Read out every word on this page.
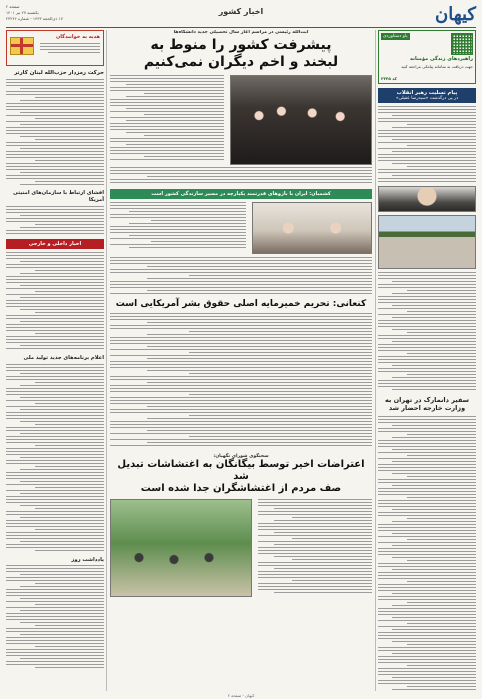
کیهان
اخبار کشور
صفحه ۲
یکشنبه ۲۷ تیر ۱۴۰۱
۱۷ ذی‌الحجه ۱۴۴۳ - شماره ۲۳۲۴۶
یاو دستاوردی
راهبردهای زندگی مؤمنانه
جهت دریافت به سامانه پیامکی مراجعه کنید
کد ۲۳۴۵
پیام تسلیت رهبر انقلاب
در پی درگذشت «سیدرضا عقیلی»
سفیر دانمارک در تهران به وزارت خارجه احضار شد
آیت‌الله رئیسی در مراسم آغاز سال تحصیلی جدید دانشگاه‌ها
پیشرفت کشور را منوط به
لبخند و اخم دیگران نمی‌کنیم
کشمیان: ایران با بازوهای قدرتمند یکپارچه در مسیر سازندگی کشور است
کنعانی: تحریم خمیرمایه اصلی حقوق بشر آمریکایی است
سخنگوی شورای نگهبان:
اعتراضات اخیر توسط بیگانگان به اغتشاشات تبدیل شد
صف مردم از اغتشاشگران جدا شده است
هدیه به خوانندگان
حرکت رمز‌دار حزب‌الله لبنان کارتر
افشای ارتباط با سازمان‌های امنیتی آمریکا
اخبار داخلی و خارجی
اعلام برنامه‌های جدید تولید ملی
یادداشت روز
کیهان - صفحه ۲
